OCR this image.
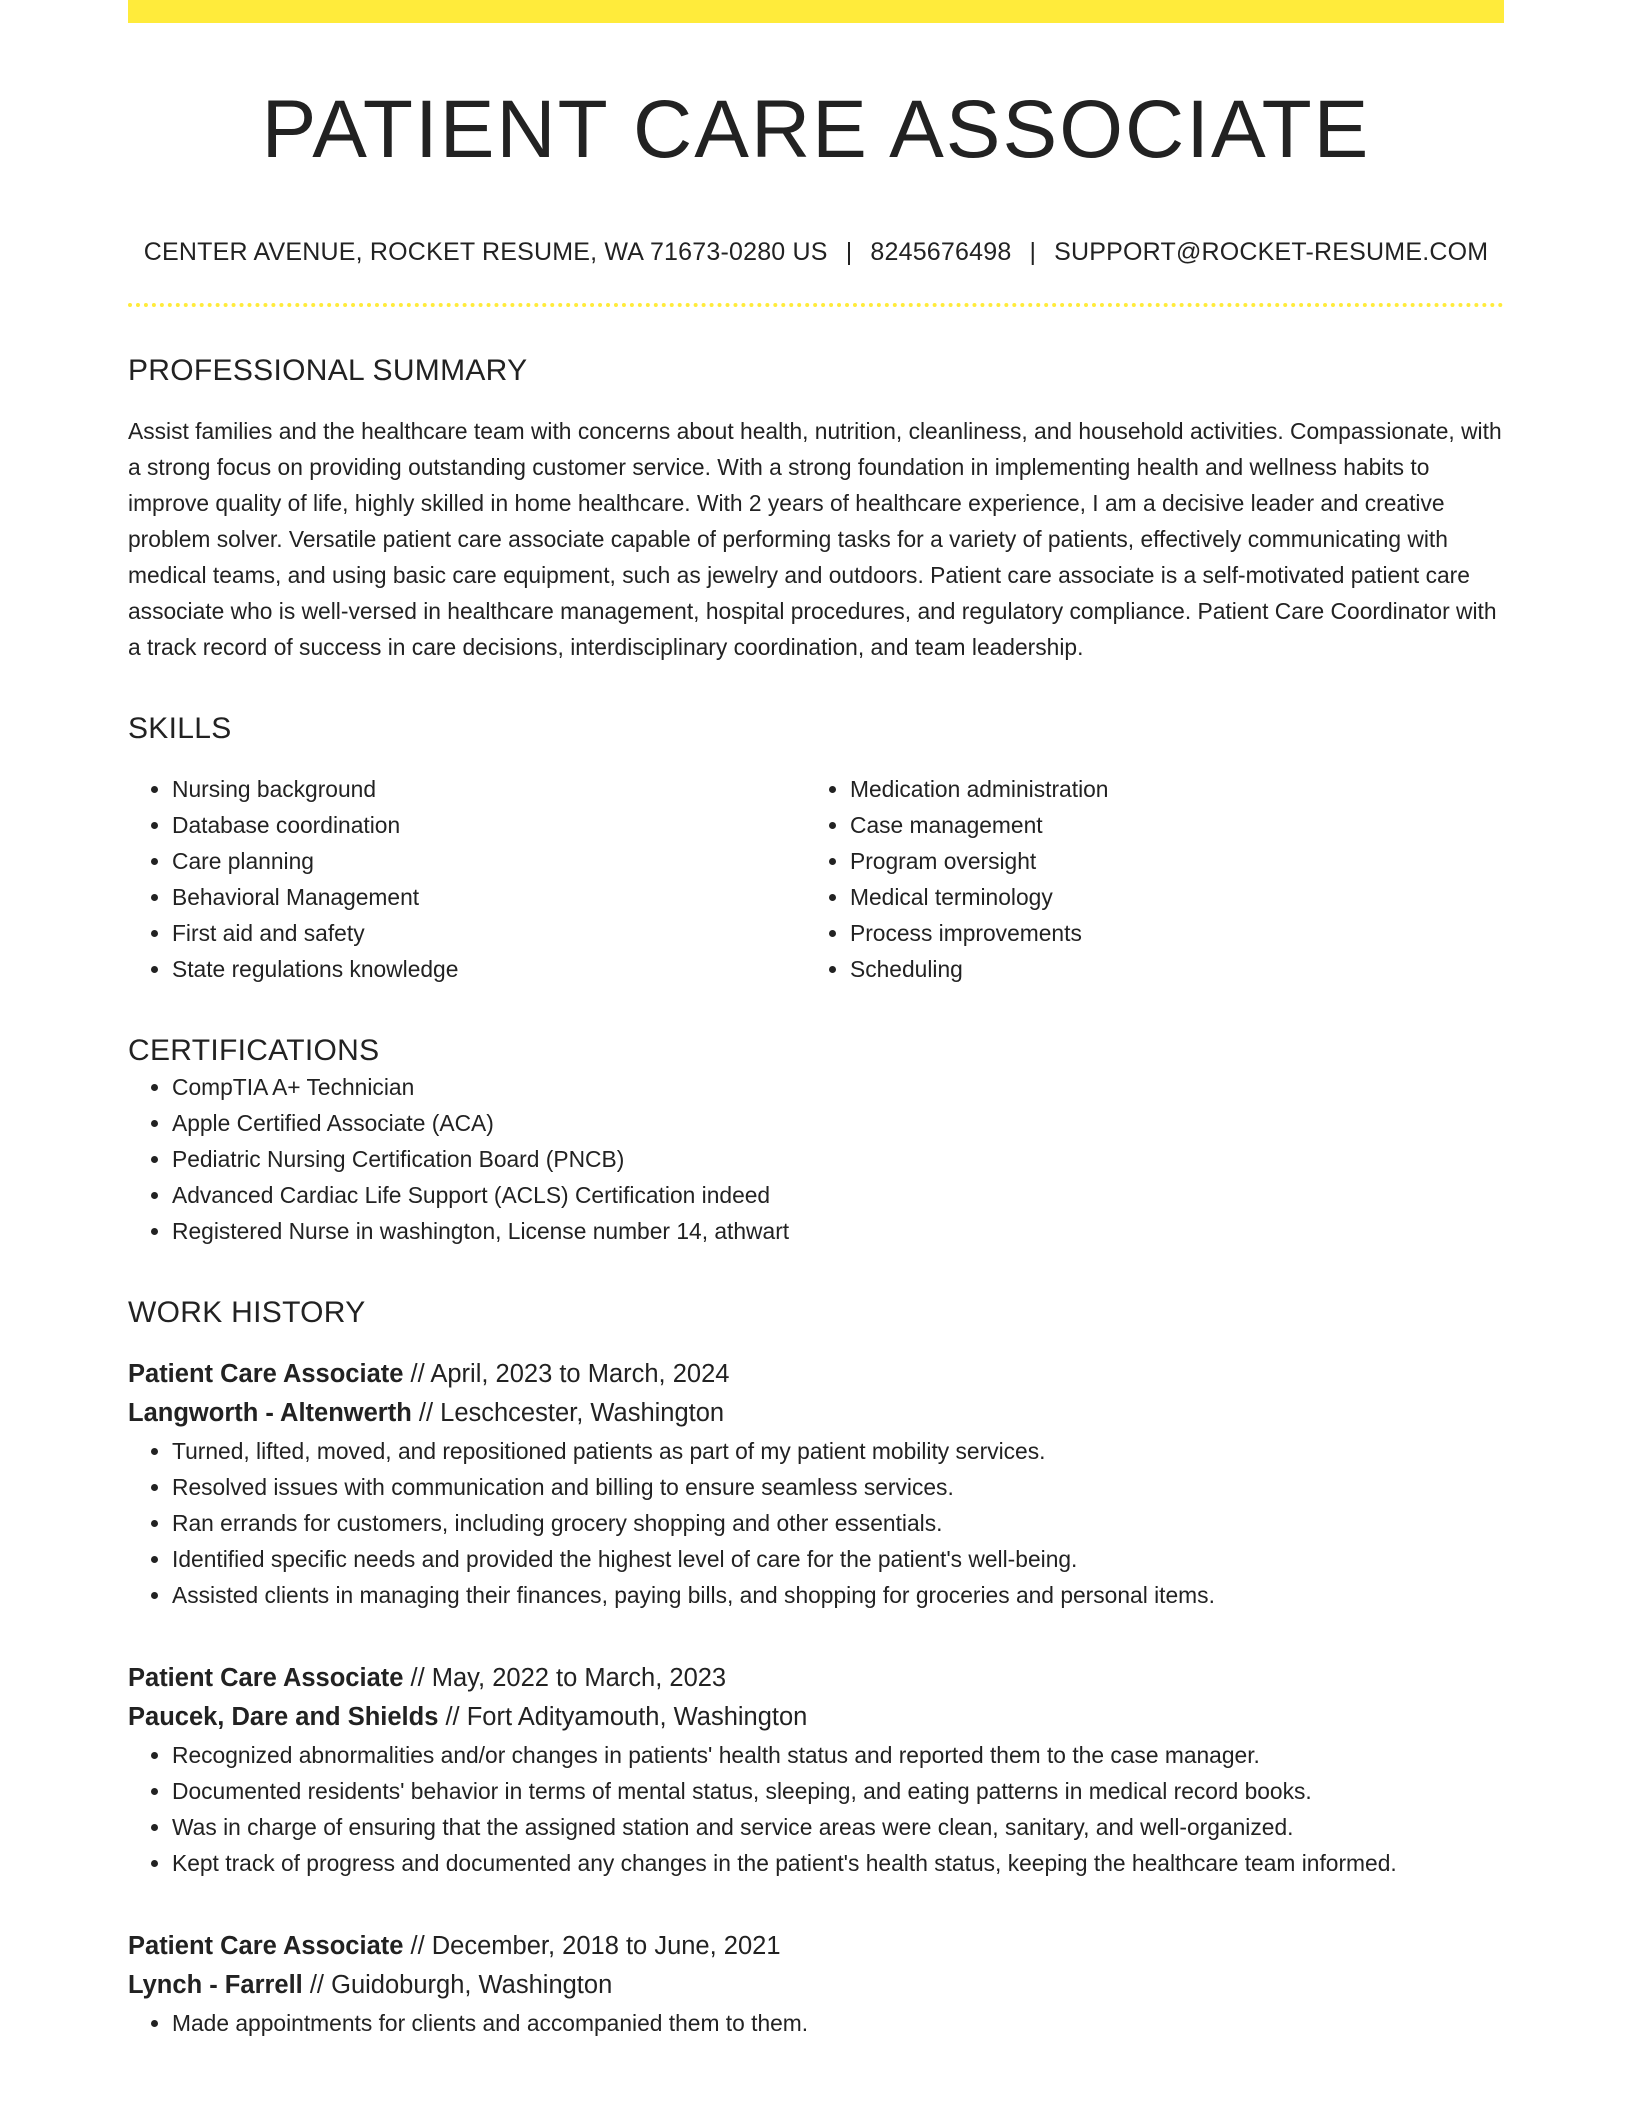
PATIENT CARE ASSOCIATE
CENTER AVENUE, ROCKET RESUME, WA 71673-0280 US | 8245676498 | SUPPORT@ROCKET-RESUME.COM
PROFESSIONAL SUMMARY

Assist families and the healthcare team with concerns about health, nutrition, cleanliness, and household activities. Compassionate, with a strong focus on providing outstanding customer service. With a strong foundation in implementing health and wellness habits to improve quality of life, highly skilled in home healthcare. With 2 years of healthcare experience, I am a decisive leader and creative problem solver. Versatile patient care associate capable of performing tasks for a variety of patients, effectively communicating with medical teams, and using basic care equipment, such as jewelry and outdoors. Patient care associate is a self-motivated patient care associate who is well-versed in healthcare management, hospital procedures, and regulatory compliance. Patient Care Coordinator with a track record of success in care decisions, interdisciplinary coordination, and team leadership.

SKILLS
• Nursing background
• Database coordination
• Care planning
• Behavioral Management
• First aid and safety
• State regulations knowledge
• Medication administration
• Case management
• Program oversight
• Medical terminology
• Process improvements
• Scheduling
CERTIFICATIONS
• CompTIA A+ Technician
• Apple Certified Associate (ACA)
• Pediatric Nursing Certification Board (PNCB)
• Advanced Cardiac Life Support (ACLS) Certification indeed
• Registered Nurse in washington, License number 14, athwart
WORK HISTORY
Patient Care Associate // April, 2023 to March, 2024
Langworth - Altenwerth // Leschcester, Washington
• Turned, lifted, moved, and repositioned patients as part of my patient mobility services.
• Resolved issues with communication and billing to ensure seamless services.
• Ran errands for customers, including grocery shopping and other essentials.
• Identified specific needs and provided the highest level of care for the patient's well-being.
• Assisted clients in managing their finances, paying bills, and shopping for groceries and personal items.
Patient Care Associate // May, 2022 to March, 2023
Paucek, Dare and Shields // Fort Adityamouth, Washington
• Recognized abnormalities and/or changes in patients' health status and reported them to the case manager.
• Documented residents' behavior in terms of mental status, sleeping, and eating patterns in medical record books.
• Was in charge of ensuring that the assigned station and service areas were clean, sanitary, and well-organized.
• Kept track of progress and documented any changes in the patient's health status, keeping the healthcare team informed.
Patient Care Associate // December, 2018 to June, 2021
Lynch - Farrell // Guidoburgh, Washington
• Made appointments for clients and accompanied them to them.
